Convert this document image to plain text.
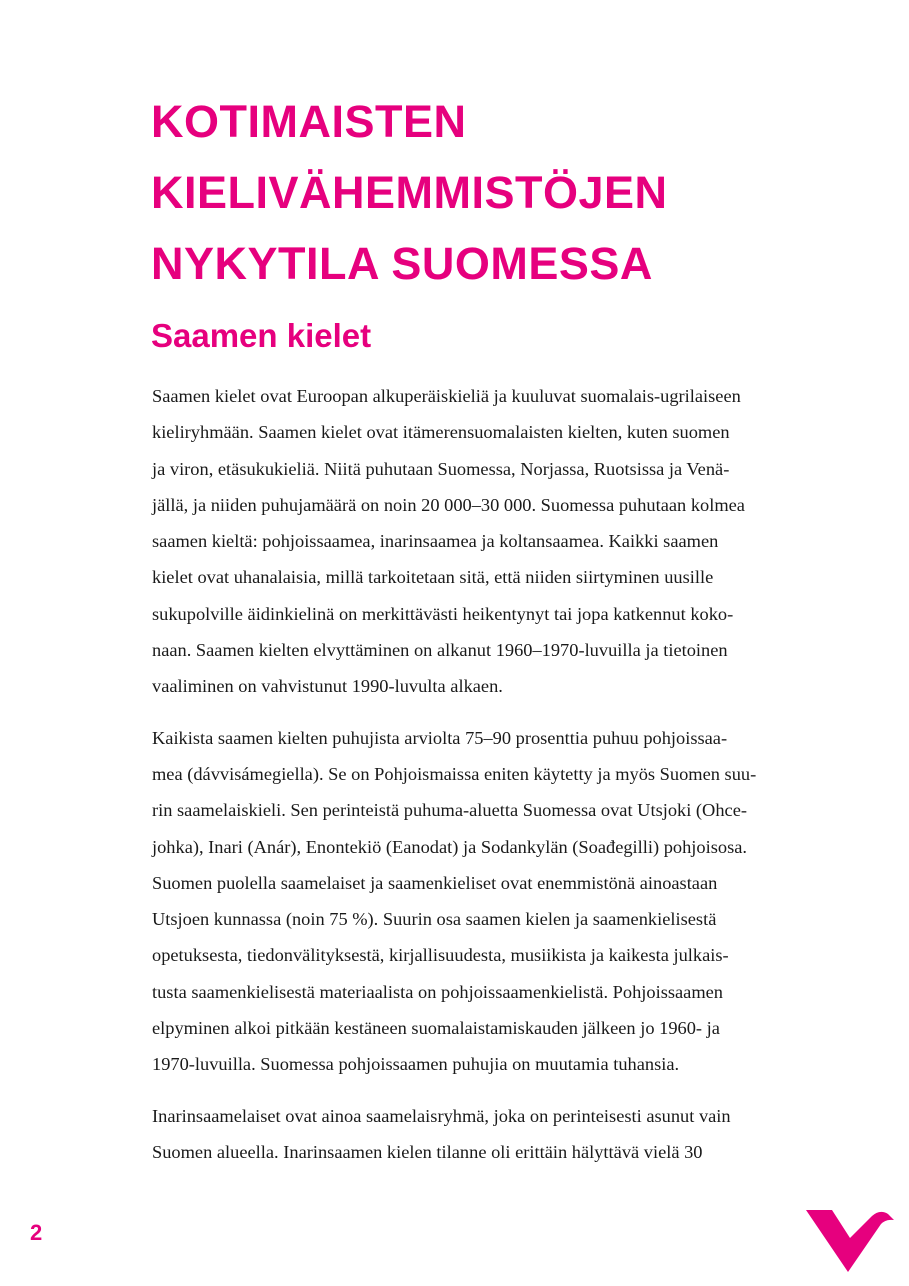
KOTIMAISTEN
KIELIVÄHEMMISTÖJEN
NYKYTILA SUOMESSA
Saamen kielet

Saamen kielet ovat Euroopan alkuperäiskieliä ja kuuluvat suomalais-ugrilaiseen
kieliryhmään. Saamen kielet ovat itämerensuomalaisten kielten, kuten suomen
ja viron, etäsukukieliä. Niitä puhutaan Suomessa, Norjassa, Ruotsissa ja Venä-
jällä, ja niiden puhujamäärä on noin 20 000–30 000. Suomessa puhutaan kolmea
saamen kieltä: pohjoissaamea, inarinsaamea ja koltansaamea. Kaikki saamen
kielet ovat uhanalaisia, millä tarkoitetaan sitä, että niiden siirtyminen uusille
sukupolville äidinkielinä on merkittävästi heikentynyt tai jopa katkennut koko-
naan. Saamen kielten elvyttäminen on alkanut 1960–1970-luvuilla ja tietoinen
vaaliminen on vahvistunut 1990-luvulta alkaen.

Kaikista saamen kielten puhujista arviolta 75–90 prosenttia puhuu pohjoissaa-
mea (dávvisámegiella). Se on Pohjoismaissa eniten käytetty ja myös Suomen suu-
rin saamelaiskieli. Sen perinteistä puhuma-aluetta Suomessa ovat Utsjoki (Ohce-
johka), Inari (Anár), Enontekiö (Eanodat) ja Sodankylän (Soađegilli) pohjoisosa.
Suomen puolella saamelaiset ja saamenkieliset ovat enemmistönä ainoastaan
Utsjoen kunnassa (noin 75 %). Suurin osa saamen kielen ja saamenkielisestä
opetuksesta, tiedonvälityksestä, kirjallisuudesta, musiikista ja kaikesta julkais-
tusta saamenkielisestä materiaalista on pohjoissaamenkielistä. Pohjoissaamen
elpyminen alkoi pitkään kestäneen suomalaistamiskauden jälkeen jo 1960- ja
1970-luvuilla. Suomessa pohjoissaamen puhujia on muutamia tuhansia.

Inarinsaamelaiset ovat ainoa saamelaisryhmä, joka on perinteisesti asunut vain
Suomen alueella. Inarinsaamen kielen tilanne oli erittäin hälyttävä vielä 30

2
